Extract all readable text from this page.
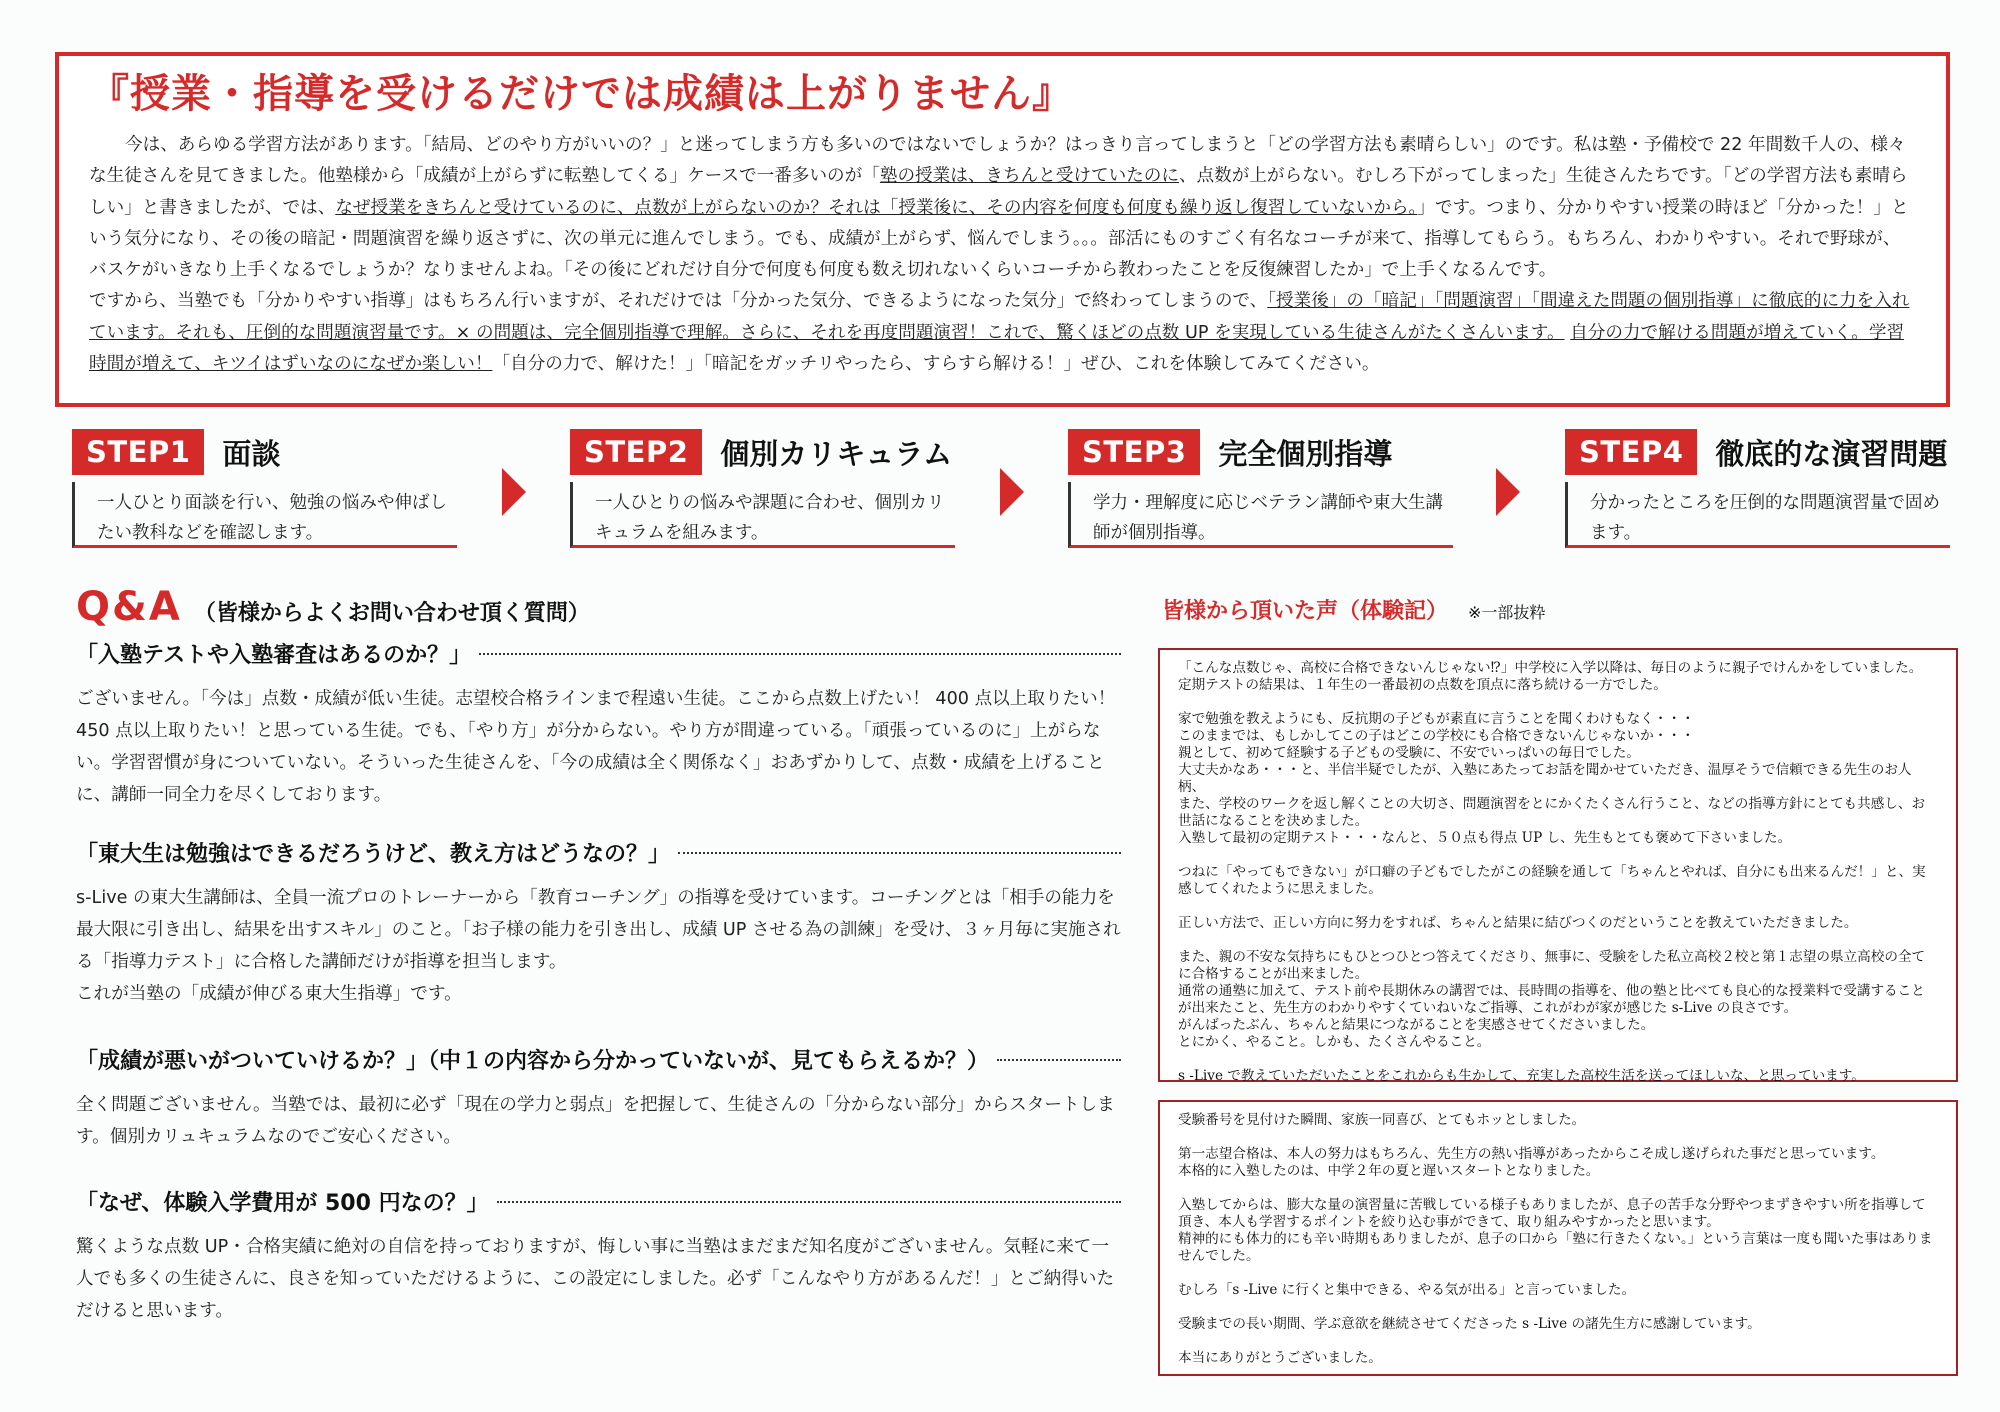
『授業・指導を受けるだけでは成績は上がりません』

今は、あらゆる学習方法があります。「結局、どのやり方がいいの？」と迷ってしまう方も多いのではないでしょうか？はっきり言ってしまうと「どの学習方法も素晴らしい」のです。私は塾・予備校で 22 年間数千人の、様々な生徒さんを見てきました。他塾様から「成績が上がらずに転塾してくる」ケースで一番多いのが「塾の授業は、きちんと受けていたのに、点数が上がらない。むしろ下がってしまった」生徒さんたちです。「どの学習方法も素晴らしい」と書きましたが、では、なぜ授業をきちんと受けているのに、点数が上がらないのか？それは「授業後に、その内容を何度も何度も繰り返し復習していないから。」です。つまり、分かりやすい授業の時ほど「分かった！」という気分になり、その後の暗記・問題演習を繰り返さずに、次の単元に進んでしまう。でも、成績が上がらず、悩んでしまう。。。部活にものすごく有名なコーチが来て、指導してもらう。もちろん、わかりやすい。それで野球が、バスケがいきなり上手くなるでしょうか？なりませんよね。「その後にどれだけ自分で何度も何度も数え切れないくらいコーチから教わったことを反復練習したか」で上手くなるんです。
ですから、当塾でも「分かりやすい指導」はもちろん行いますが、それだけでは「分かった気分、できるようになった気分」で終わってしまうので、「授業後」の「暗記」「問題演習」「間違えた問題の個別指導」に徹底的に力を入れています。それも、圧倒的な問題演習量です。× の問題は、完全個別指導で理解。さらに、それを再度問題演習！これで、驚くほどの点数 UP を実現している生徒さんがたくさんいます。 自分の力で解ける問題が増えていく。学習時間が増えて、キツイはずいなのになぜか楽しい！「自分の力で、解けた！」「暗記をガッチリやったら、すらすら解ける！」ぜひ、これを体験してみてください。

STEP1	面談
一人ひとり面談を行い、勉強の悩みや伸ばしたい教科などを確認します。
STEP2	個別カリキュラム
一人ひとりの悩みや課題に合わせ、個別カリキュラムを組みます。
STEP3	完全個別指導
学力・理解度に応じベテラン講師や東大生講師が個別指導。
STEP4	徹底的な演習問題
分かったところを圧倒的な問題演習量で固めます。
Q&A （皆様からよくお問い合わせ頂く質問）
「入塾テストや入塾審査はあるのか？」
ございません。「今は」点数・成績が低い生徒。志望校合格ラインまで程遠い生徒。ここから点数上げたい！ 400 点以上取りたい！ 450 点以上取りたい！と思っている生徒。でも、「やり方」が分からない。やり方が間違っている。「頑張っているのに」上がらない。学習習慣が身についていない。そういった生徒さんを、「今の成績は全く関係なく」おあずかりして、点数・成績を上げることに、講師一同全力を尽くしております。
「東大生は勉強はできるだろうけど、教え方はどうなの？」
s-Live の東大生講師は、全員一流プロのトレーナーから「教育コーチング」の指導を受けています。コーチングとは「相手の能力を最大限に引き出し、結果を出すスキル」のこと。「お子様の能力を引き出し、成績 UP させる為の訓練」を受け、３ヶ月毎に実施される「指導力テスト」に合格した講師だけが指導を担当します。
これが当塾の「成績が伸びる東大生指導」です。
「成績が悪いがついていけるか？」（中１の内容から分かっていないが、見てもらえるか？）
全く問題ございません。当塾では、最初に必ず「現在の学力と弱点」を把握して、生徒さんの「分からない部分」からスタートします。個別カリュキュラムなのでご安心ください。
「なぜ、体験入学費用が 500 円なの？」
驚くような点数 UP・合格実績に絶対の自信を持っておりますが、悔しい事に当塾はまだまだ知名度がございません。気軽に来て一人でも多くの生徒さんに、良さを知っていただけるように、この設定にしました。必ず「こんなやり方があるんだ！」とご納得いただけると思います。
皆様から頂いた声（体験記） ※一部抜粋

「こんな点数じゃ、高校に合格できないんじゃない⁉」中学校に入学以降は、毎日のように親子でけんかをしていました。

定期テストの結果は、１年生の一番最初の点数を頂点に落ち続ける一方でした。

家で勉強を教えようにも、反抗期の子どもが素直に言うことを聞くわけもなく・・・

このままでは、もしかしてこの子はどこの学校にも合格できないんじゃないか・・・

親として、初めて経験する子どもの受験に、不安でいっぱいの毎日でした。

大丈夫かなあ・・・と、半信半疑でしたが、入塾にあたってお話を聞かせていただき、温厚そうで信頼できる先生のお人柄、

また、学校のワークを返し解くことの大切さ、問題演習をとにかくたくさん行うこと、などの指導方針にとても共感し、お世話になることを決めました。

入塾して最初の定期テスト・・・なんと、５０点も得点 UP し、先生もとても褒めて下さいました。

つねに「やってもできない」が口癖の子どもでしたがこの経験を通して「ちゃんとやれば、自分にも出来るんだ！」と、実感してくれたように思えました。

正しい方法で、正しい方向に努力をすれば、ちゃんと結果に結びつくのだということを教えていただきました。

また、親の不安な気持ちにもひとつひとつ答えてくださり、無事に、受験をした私立高校２校と第１志望の県立高校の全てに合格することが出来ました。

通常の通塾に加えて、テスト前や長期休みの講習では、長時間の指導を、他の塾と比べても良心的な授業料で受講することが出来たこと、先生方のわかりやすくていねいなご指導、これがわが家が感じた s-Live の良さです。

がんばったぶん、ちゃんと結果につながることを実感させてくださいました。

とにかく、やること。しかも、たくさんやること。

s -Live で教えていただいたことをこれからも生かして、充実した高校生活を送ってほしいな、と思っています。

受験番号を見付けた瞬間、家族一同喜び、とてもホッとしました。

第一志望合格は、本人の努力はもちろん、先生方の熱い指導があったからこそ成し遂げられた事だと思っています。

本格的に入塾したのは、中学２年の夏と遅いスタートとなりました。

入塾してからは、膨大な量の演習量に苦戦している様子もありましたが、息子の苦手な分野やつまずきやすい所を指導して頂き、本人も学習するポイントを絞り込む事ができて、取り組みやすかったと思います。

精神的にも体力的にも辛い時期もありましたが、息子の口から「塾に行きたくない。」という言葉は一度も聞いた事はありませんでした。

むしろ「s -Live に行くと集中できる、やる気が出る」と言っていました。

受験までの長い期間、学ぶ意欲を継続させてくださった s -Live の諸先生方に感謝しています。

本当にありがとうございました。
